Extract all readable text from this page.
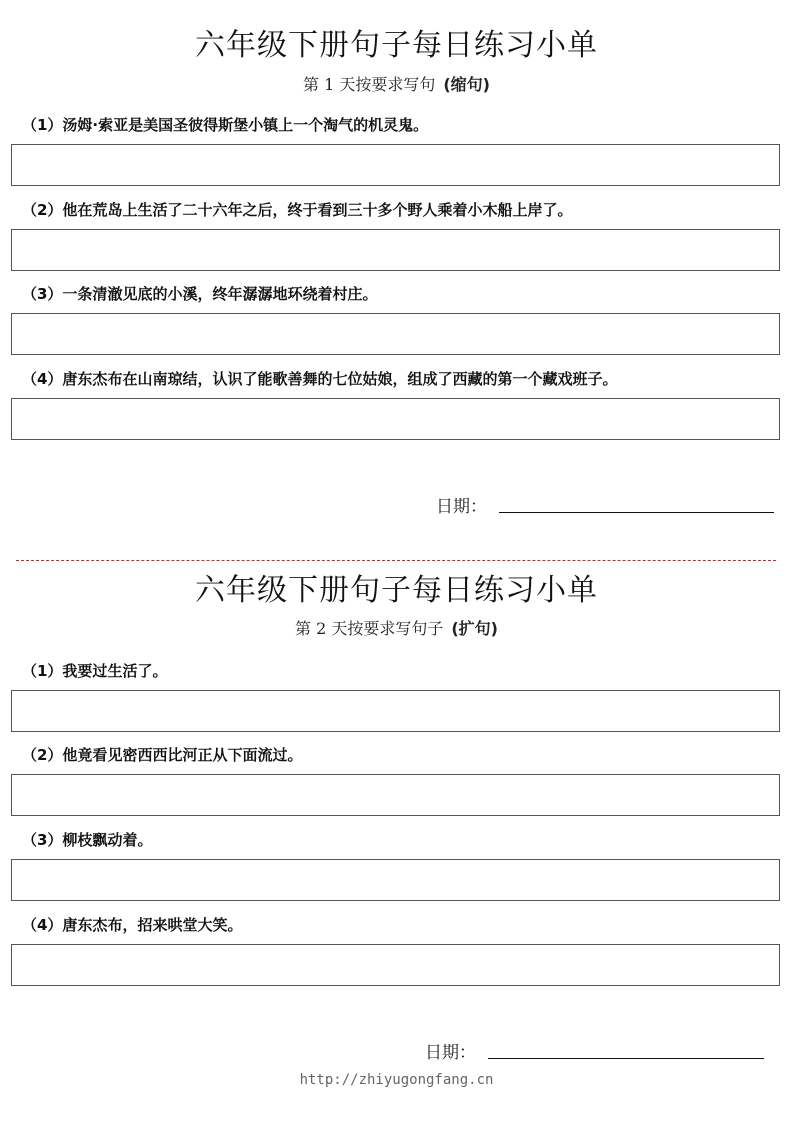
六年级下册句子每日练习小单
第 1 天按要求写句 (缩句)
（1）汤姆·索亚是美国圣彼得斯堡小镇上一个淘气的机灵鬼。
（2）他在荒岛上生活了二十六年之后，终于看到三十多个野人乘着小木船上岸了。
（3）一条清澈见底的小溪，终年潺潺地环绕着村庄。
（4）唐东杰布在山南琼结，认识了能歌善舞的七位姑娘，组成了西藏的第一个藏戏班子。
日期：
六年级下册句子每日练习小单
第 2 天按要求写句子 (扩句)
（1）我要过生活了。
（2）他竟看见密西西比河正从下面流过。
（3）柳枝飘动着。
（4）唐东杰布，招来哄堂大笑。
日期：
http://zhiyugongfang.cn
